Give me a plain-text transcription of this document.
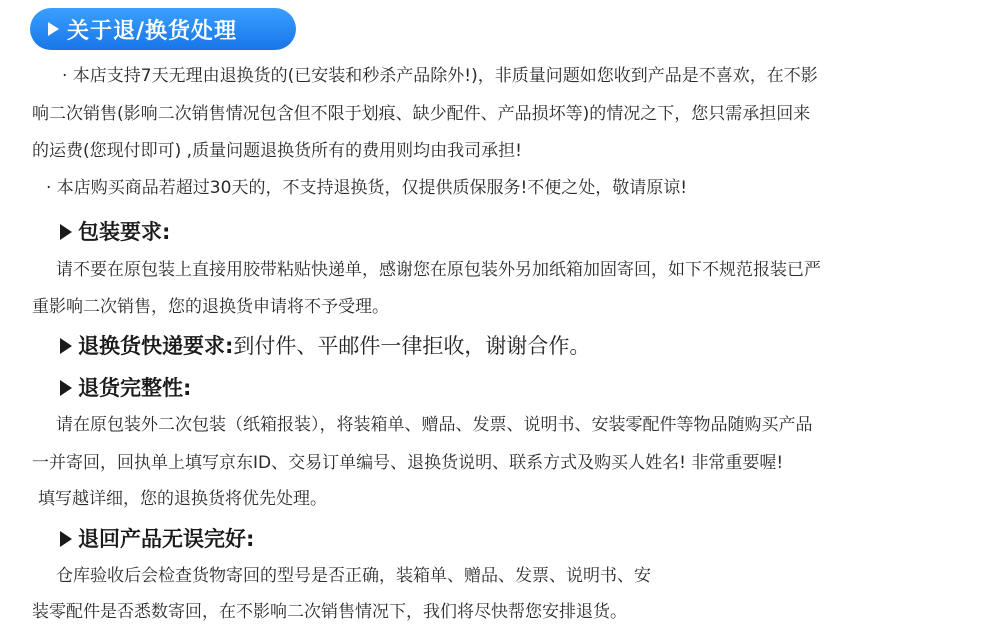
关于退/换货处理
· 本店支持7天无理由退换货的(已安装和秒杀产品除外!)，非质量问题如您收到产品是不喜欢，在不影
响二次销售(影响二次销售情况包含但不限于划痕、缺少配件、产品损坏等)的情况之下，您只需承担回来
的运费(您现付即可) ,质量问题退换货所有的费用则均由我司承担!
· 本店购买商品若超过30天的，不支持退换货，仅提供质保服务!不便之处，敬请原谅!
包装要求:
请不要在原包装上直接用胶带粘贴快递单，感谢您在原包装外另加纸箱加固寄回，如下不规范报装已严
重影响二次销售，您的退换货申请将不予受理。
退换货快递要求: 到付件、平邮件一律拒收，谢谢合作。
退货完整性:
请在原包装外二次包装（纸箱报装），将装箱单、赠品、发票、说明书、安装零配件等物品随购买产品
一并寄回，回执单上填写京东ID、交易订单编号、退换货说明、联系方式及购买人姓名! 非常重要喔!
填写越详细，您的退换货将优先处理。
退回产品无误完好:
仓库验收后会检查货物寄回的型号是否正确，装箱单、赠品、发票、说明书、安
装零配件是否悉数寄回，在不影响二次销售情况下，我们将尽快帮您安排退货。
